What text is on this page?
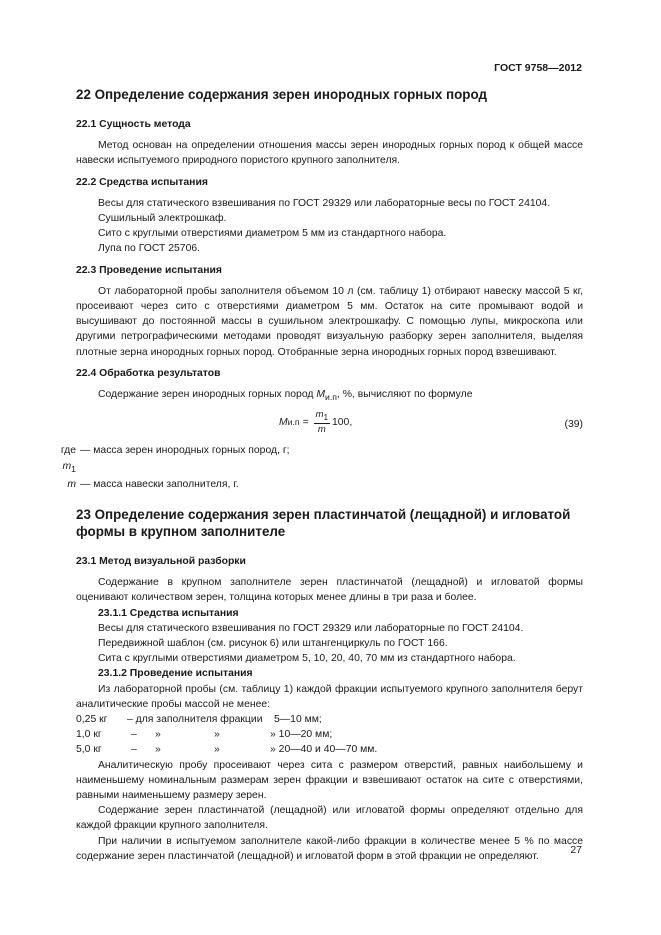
ГОСТ 9758—2012
22 Определение содержания зерен инородных горных пород
22.1 Сущность метода

Метод основан на определении отношения массы зерен инородных горных пород к общей массе навески испытуемого природного пористого крупного заполнителя.

22.2 Средства испытания

Весы для статического взвешивания по ГОСТ 29329 или лабораторные весы по ГОСТ 24104.

Сушильный электрошкаф.

Сито с круглыми отверстиями диаметром 5 мм из стандартного набора.

Лупа по ГОСТ 25706.

22.3 Проведение испытания

От лабораторной пробы заполнителя объемом 10 л (см. таблицу 1) отбирают навеску массой 5 кг, просеивают через сито с отверстиями диаметром 5 мм. Остаток на сите промывают водой и высушивают до постоянной массы в сушильном электрошкафу. С помощью лупы, микроскопа или другими петрографическими методами проводят визуальную разборку зерен заполнителя, выделяя плотные зерна инородных горных пород. Отобранные зерна инородных горных пород взвешивают.

22.4 Обработка результатов

Содержание зерен инородных горных пород $M_{и.п}$, %, вычисляют по формуле

M $и.п = \frac{m_1}{m} 100$,	(39)
где $m_1$
— масса зерен инородных горных пород, г;
m — масса навески заполнителя, г.
23 Определение содержания зерен пластинчатой (лещадной) и игловатой формы в крупном заполнителе
23.1 Метод визуальной разборки

Содержание в крупном заполнителе зерен пластинчатой (лещадной) и игловатой формы оценивают количеством зерен, толщина которых менее длины в три раза и более.

23.1.1 Средства испытания

Весы для статического взвешивания по ГОСТ 29329 или лабораторные по ГОСТ 24104.

Передвижной шаблон (см. рисунок 6) или штангенциркуль по ГОСТ 166.

Сита с круглыми отверстиями диаметром 5, 10, 20, 40, 70 мм из стандартного набора.

23.1.2 Проведение испытания

Из лабораторной пробы (см. таблицу 1) каждой фракции испытуемого крупного заполнителя берут аналитические пробы массой не менее:

0,25 кг	– для заполнителя фракции	5—10 мм;
1,0 кг	–	»	»	» 10—20 мм;
5,0 кг	–	»	»	» 20—40 и 40—70 мм.

Аналитическую пробу просеивают через сита с размером отверстий, равных наибольшему и наименьшему номинальным размерам зерен фракции и взвешивают остаток на сите с отверстиями, равными наименьшему размеру зерен.

Содержание зерен пластинчатой (лещадной) или игловатой формы определяют отдельно для каждой фракции крупного заполнителя.

При наличии в испытуемом заполнителе какой-либо фракции в количестве менее 5 % по массе содержание зерен пластинчатой (лещадной) и игловатой форм в этой фракции не определяют.

27
